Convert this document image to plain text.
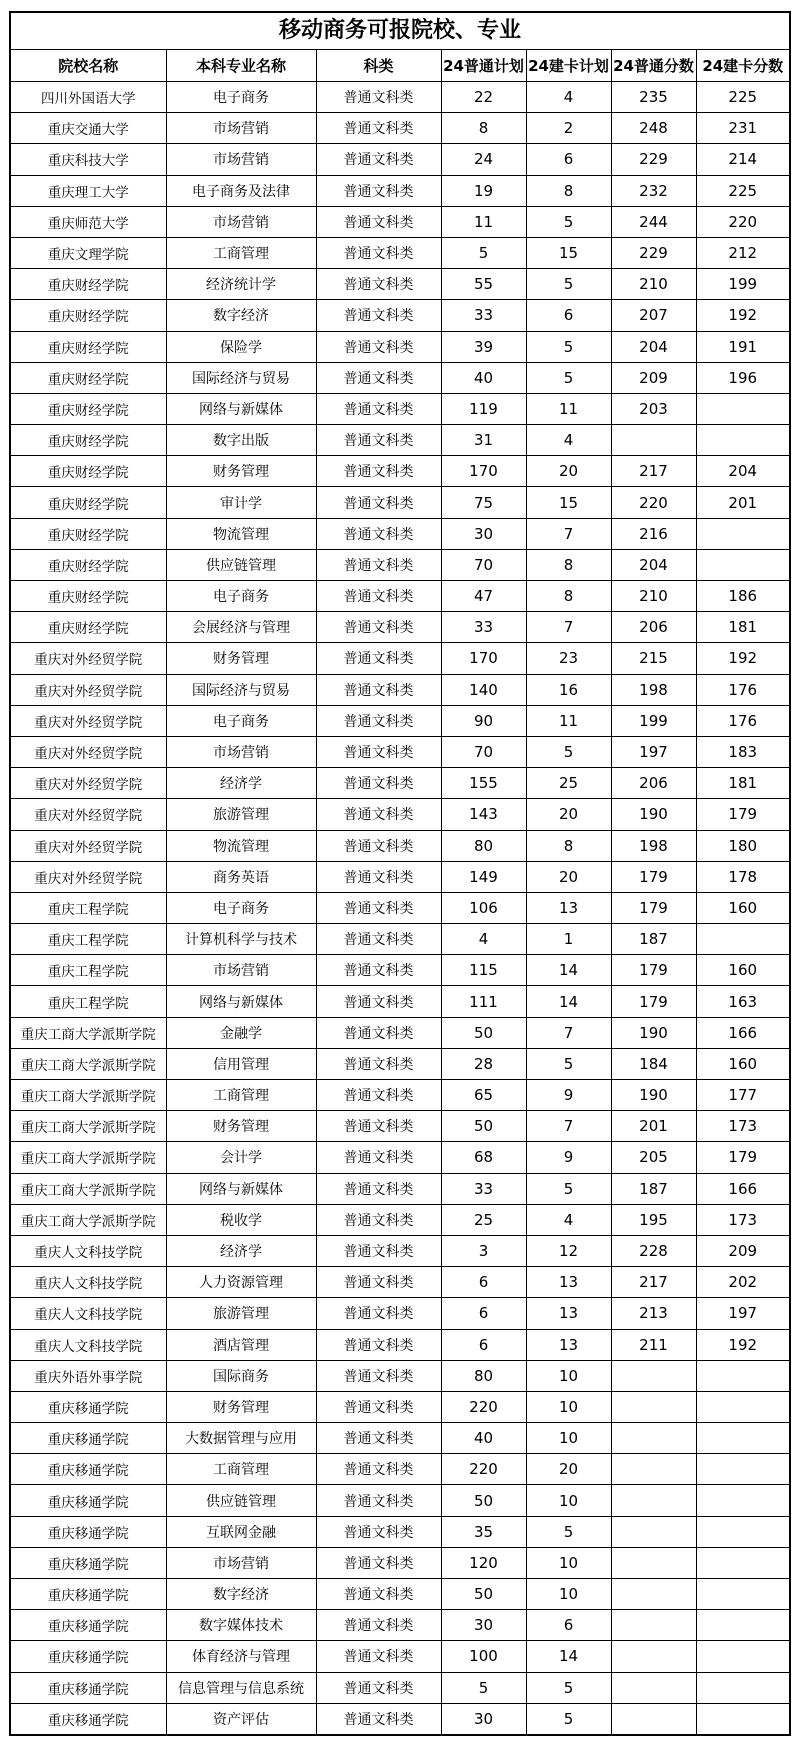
移动商务可报院校、专业
院校名称	本科专业名称	科类	24普通计划	24建卡计划	24普通分数	24建卡分数
四川外国语大学	电子商务	普通文科类	22	4	235	225
重庆交通大学	市场营销	普通文科类	8	2	248	231
重庆科技大学	市场营销	普通文科类	24	6	229	214
重庆理工大学	电子商务及法律	普通文科类	19	8	232	225
重庆师范大学	市场营销	普通文科类	11	5	244	220
重庆文理学院	工商管理	普通文科类	5	15	229	212
重庆财经学院	经济统计学	普通文科类	55	5	210	199
重庆财经学院	数字经济	普通文科类	33	6	207	192
重庆财经学院	保险学	普通文科类	39	5	204	191
重庆财经学院	国际经济与贸易	普通文科类	40	5	209	196
重庆财经学院	网络与新媒体	普通文科类	119	11	203	
重庆财经学院	数字出版	普通文科类	31	4		
重庆财经学院	财务管理	普通文科类	170	20	217	204
重庆财经学院	审计学	普通文科类	75	15	220	201
重庆财经学院	物流管理	普通文科类	30	7	216	
重庆财经学院	供应链管理	普通文科类	70	8	204	
重庆财经学院	电子商务	普通文科类	47	8	210	186
重庆财经学院	会展经济与管理	普通文科类	33	7	206	181
重庆对外经贸学院	财务管理	普通文科类	170	23	215	192
重庆对外经贸学院	国际经济与贸易	普通文科类	140	16	198	176
重庆对外经贸学院	电子商务	普通文科类	90	11	199	176
重庆对外经贸学院	市场营销	普通文科类	70	5	197	183
重庆对外经贸学院	经济学	普通文科类	155	25	206	181
重庆对外经贸学院	旅游管理	普通文科类	143	20	190	179
重庆对外经贸学院	物流管理	普通文科类	80	8	198	180
重庆对外经贸学院	商务英语	普通文科类	149	20	179	178
重庆工程学院	电子商务	普通文科类	106	13	179	160
重庆工程学院	计算机科学与技术	普通文科类	4	1	187	
重庆工程学院	市场营销	普通文科类	115	14	179	160
重庆工程学院	网络与新媒体	普通文科类	111	14	179	163
重庆工商大学派斯学院	金融学	普通文科类	50	7	190	166
重庆工商大学派斯学院	信用管理	普通文科类	28	5	184	160
重庆工商大学派斯学院	工商管理	普通文科类	65	9	190	177
重庆工商大学派斯学院	财务管理	普通文科类	50	7	201	173
重庆工商大学派斯学院	会计学	普通文科类	68	9	205	179
重庆工商大学派斯学院	网络与新媒体	普通文科类	33	5	187	166
重庆工商大学派斯学院	税收学	普通文科类	25	4	195	173
重庆人文科技学院	经济学	普通文科类	3	12	228	209
重庆人文科技学院	人力资源管理	普通文科类	6	13	217	202
重庆人文科技学院	旅游管理	普通文科类	6	13	213	197
重庆人文科技学院	酒店管理	普通文科类	6	13	211	192
重庆外语外事学院	国际商务	普通文科类	80	10		
重庆移通学院	财务管理	普通文科类	220	10		
重庆移通学院	大数据管理与应用	普通文科类	40	10		
重庆移通学院	工商管理	普通文科类	220	20		
重庆移通学院	供应链管理	普通文科类	50	10		
重庆移通学院	互联网金融	普通文科类	35	5		
重庆移通学院	市场营销	普通文科类	120	10		
重庆移通学院	数字经济	普通文科类	50	10		
重庆移通学院	数字媒体技术	普通文科类	30	6		
重庆移通学院	体育经济与管理	普通文科类	100	14		
重庆移通学院	信息管理与信息系统	普通文科类	5	5		
重庆移通学院	资产评估	普通文科类	30	5		
